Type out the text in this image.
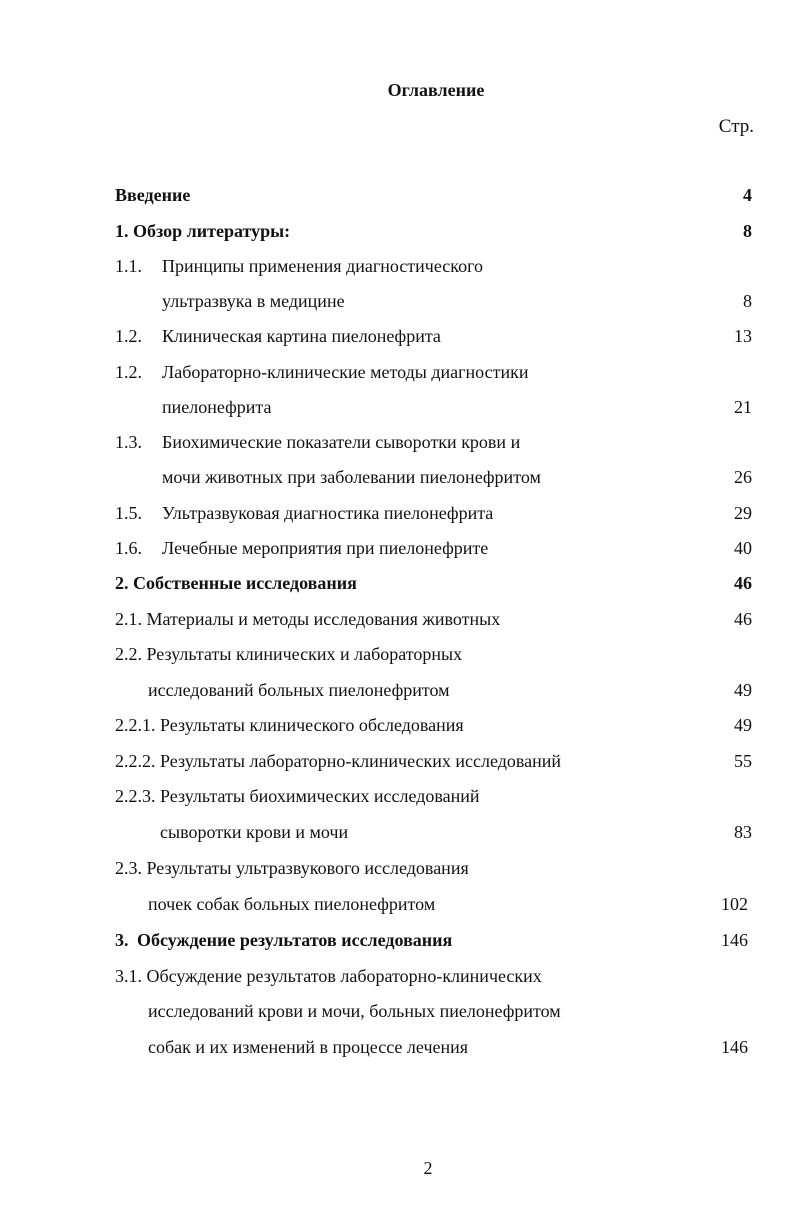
Оглавление
Стр.
Введение	4
1. Обзор литературы:	8
1.1. Принципы применения диагностического
ультразвука в медицине	8
1.2. Клиническая картина пиелонефрита	13
1.2. Лабораторно-клинические методы диагностики
пиелонефрита	21
1.3. Биохимические показатели сыворотки крови и
мочи животных при заболевании пиелонефритом	26
1.5. Ультразвуковая диагностика пиелонефрита	29
1.6. Лечебные мероприятия при пиелонефрите	40
2. Собственные исследования	46
2.1. Материалы и методы исследования животных	46
2.2. Результаты клинических и лабораторных
исследований больных пиелонефритом	49
2.2.1. Результаты клинического обследования	49
2.2.2. Результаты лабораторно-клинических исследований	55
2.2.3. Результаты биохимических исследований
сыворотки крови и мочи	83
2.3. Результаты ультразвукового исследования
почек собак больных пиелонефритом	102
3. Обсуждение результатов исследования	146
3.1. Обсуждение результатов лабораторно-клинических
исследований крови и мочи, больных пиелонефритом
собак и их изменений в процессе лечения	146
2
